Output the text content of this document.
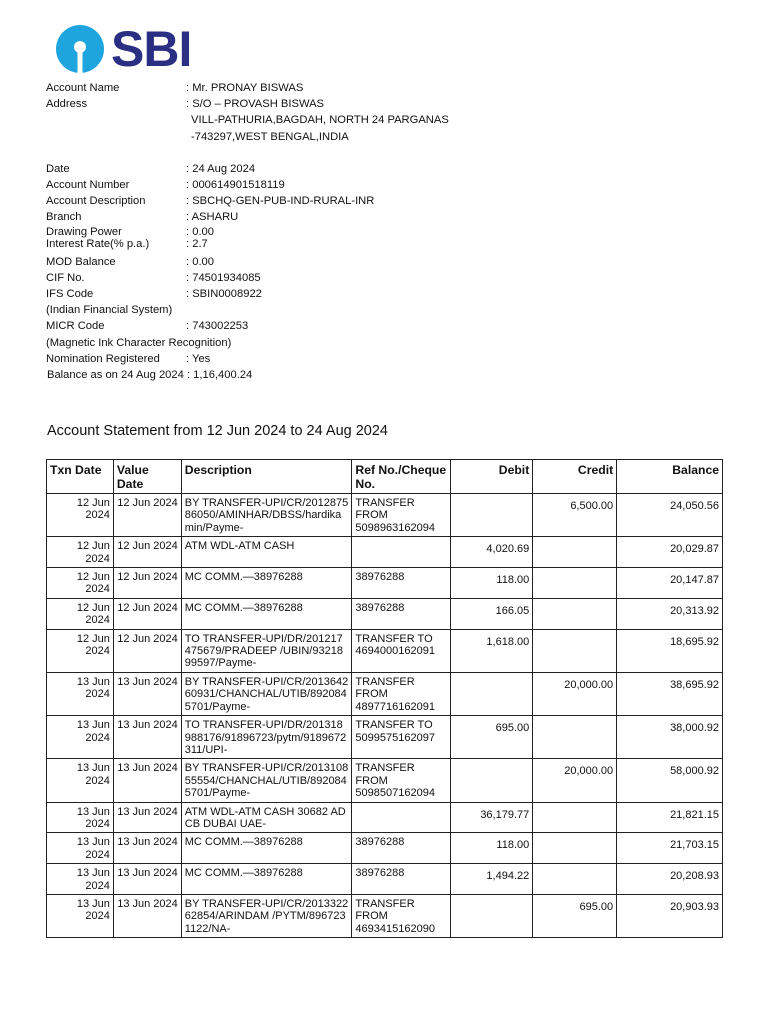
SBI
Account Name	: Mr. PRONAY BISWAS
Address	: S/O – PROVASH BISWAS
VILL-PATHURIA,BAGDAH, NORTH 24 PARGANAS
-743297,WEST BENGAL,INDIA
Date	: 24 Aug 2024
Account Number	: 000614901518119
Account Description	: SBCHQ-GEN-PUB-IND-RURAL-INR
Branch	: ASHARU
Drawing Power	: 0.00
Interest Rate(% p.a.)	: 2.7
MOD Balance	: 0.00
CIF No.	: 74501934085
IFS Code	: SBIN0008922
(Indian Financial System)
MICR Code	: 743002253
(Magnetic Ink Character Recognition)
Nomination Registered	: Yes
Balance as on 24 Aug 2024 : 1,16,400.24
Account Statement from 12 Jun 2024 to 24 Aug 2024
Txn Date	Value Date	Description	Ref No./Cheque No.	Debit	Credit	Balance
12 Jun 2024	12 Jun 2024	BY TRANSFER-UPI/CR/201287586050/AMINHAR/DBSS/hardikamin/Payme-	TRANSFER FROM 5098963162094		6,500.00	24,050.56
12 Jun 2024	12 Jun 2024	ATM WDL-ATM CASH		4,020.69		20,029.87
12 Jun 2024	12 Jun 2024	MC COMM.—38976288	38976288	118.00		20,147.87
12 Jun 2024	12 Jun 2024	MC COMM.—38976288	38976288	166.05		20,313.92
12 Jun 2024	12 Jun 2024	TO TRANSFER-UPI/DR/201217475679/PRADEEP /UBIN/9321899597/Payme-	TRANSFER TO 4694000162091	1,618.00		18,695.92
13 Jun 2024	13 Jun 2024	BY TRANSFER-UPI/CR/201364260931/CHANCHAL/UTIB/8920845701/Payme-	TRANSFER FROM 4897716162091		20,000.00	38,695.92
13 Jun 2024	13 Jun 2024	TO TRANSFER-UPI/DR/201318988176/91896723/pytm/9189672311/UPI-	TRANSFER TO 5099575162097	695.00		38,000.92
13 Jun 2024	13 Jun 2024	BY TRANSFER-UPI/CR/201310855554/CHANCHAL/UTIB/8920845701/Payme-	TRANSFER FROM 5098507162094		20,000.00	58,000.92
13 Jun 2024	13 Jun 2024	ATM WDL-ATM CASH 30682 ADCB DUBAI UAE-		36,179.77		21,821.15
13 Jun 2024	13 Jun 2024	MC COMM.—38976288	38976288	118.00		21,703.15
13 Jun 2024	13 Jun 2024	MC COMM.—38976288	38976288	1,494.22		20,208.93
13 Jun 2024	13 Jun 2024	BY TRANSFER-UPI/CR/201332262854/ARINDAM /PYTM/8967231122/NA-	TRANSFER FROM 4693415162090		695.00	20,903.93
